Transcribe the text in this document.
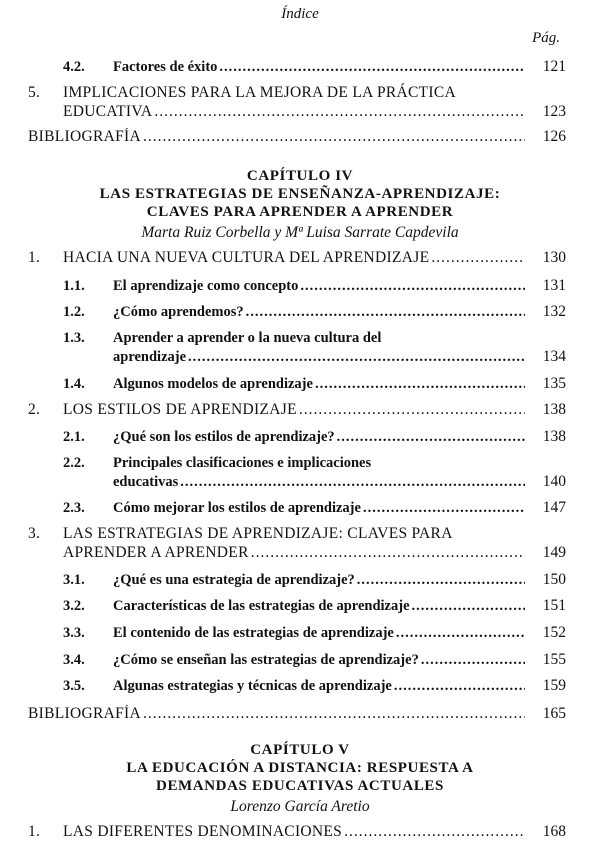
Índice
Pág.
4.2. Factores de éxito .....	121
5. IMPLICACIONES PARA LA MEJORA DE LA PRÁCTICA
EDUCATIVA .....	123
BIBLIOGRAFÍA .....	126
CAPÍTULO IV
LAS ESTRATEGIAS DE ENSEÑANZA-APRENDIZAJE:
CLAVES PARA APRENDER A APRENDER
Marta Ruiz Corbella y Mª Luisa Sarrate Capdevila
1. HACIA UNA NUEVA CULTURA DEL APRENDIZAJE .....	130
1.1. El aprendizaje como concepto .....	131
1.2. ¿Cómo aprendemos? .....	132
1.3. Aprender a aprender o la nueva cultura del
aprendizaje .....	134
1.4. Algunos modelos de aprendizaje .....	135
2. LOS ESTILOS DE APRENDIZAJE .....	138
2.1. ¿Qué son los estilos de aprendizaje? .....	138
2.2. Principales clasificaciones e implicaciones
educativas .....	140
2.3. Cómo mejorar los estilos de aprendizaje .....	147
3. LAS ESTRATEGIAS DE APRENDIZAJE: CLAVES PARA
APRENDER A APRENDER .....	149
3.1. ¿Qué es una estrategia de aprendizaje? .....	150
3.2. Características de las estrategias de aprendizaje .....	151
3.3. El contenido de las estrategias de aprendizaje .....	152
3.4. ¿Cómo se enseñan las estrategias de aprendizaje? .....	155
3.5. Algunas estrategias y técnicas de aprendizaje .....	159
BIBLIOGRAFÍA .....	165
CAPÍTULO V
LA EDUCACIÓN A DISTANCIA: RESPUESTA A
DEMANDAS EDUCATIVAS ACTUALES
Lorenzo García Aretio
1. LAS DIFERENTES DENOMINACIONES .....	168
